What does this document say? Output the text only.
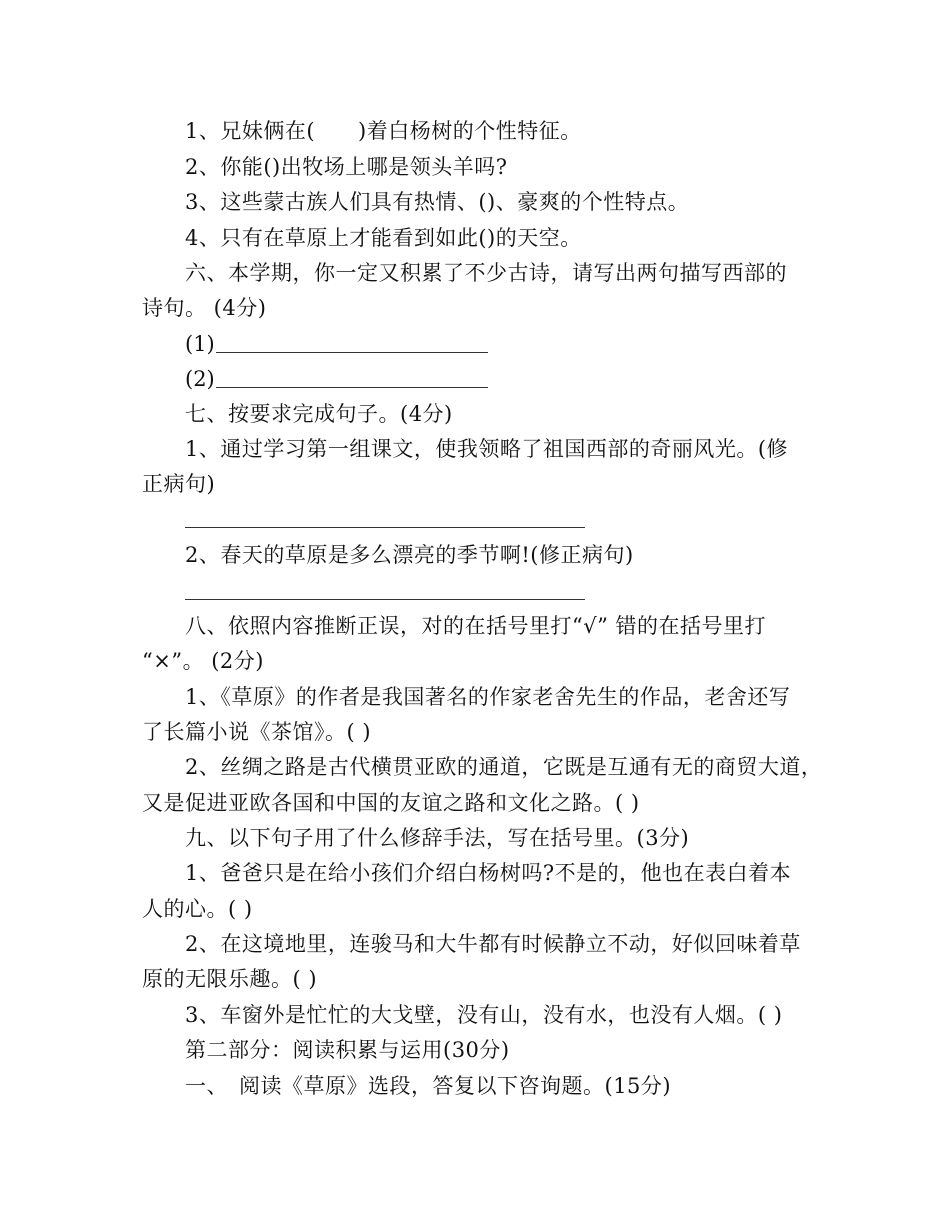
1、兄妹俩在(　　)着白杨树的个性特征。
2、你能()出牧场上哪是领头羊吗?
3、这些蒙古族人们具有热情、()、豪爽的个性特点。
4、只有在草原上才能看到如此()的天空。
六、本学期，你一定又积累了不少古诗，请写出两句描写西部的
诗句。 (4分)
(1)
(2)
七、按要求完成句子。(4分)
1、通过学习第一组课文，使我领略了祖国西部的奇丽风光。(修
正病句)
2、春天的草原是多么漂亮的季节啊!(修正病句)
八、依照内容推断正误，对的在括号里打“√” 错的在括号里打
“×”。 (2分)
1、《草原》的作者是我国著名的作家老舍先生的作品，老舍还写
了长篇小说《茶馆》。( )
2、丝绸之路是古代横贯亚欧的通道，它既是互通有无的商贸大道，
又是促进亚欧各国和中国的友谊之路和文化之路。( )
九、以下句子用了什么修辞手法，写在括号里。(3分)
1、爸爸只是在给小孩们介绍白杨树吗?不是的，他也在表白着本
人的心。( )
2、在这境地里，连骏马和大牛都有时候静立不动，好似回味着草
原的无限乐趣。( )
3、车窗外是忙忙的大戈壁，没有山，没有水，也没有人烟。( )
第二部分：阅读积累与运用(30分)
一、　阅读《草原》选段，答复以下咨询题。(15分)
